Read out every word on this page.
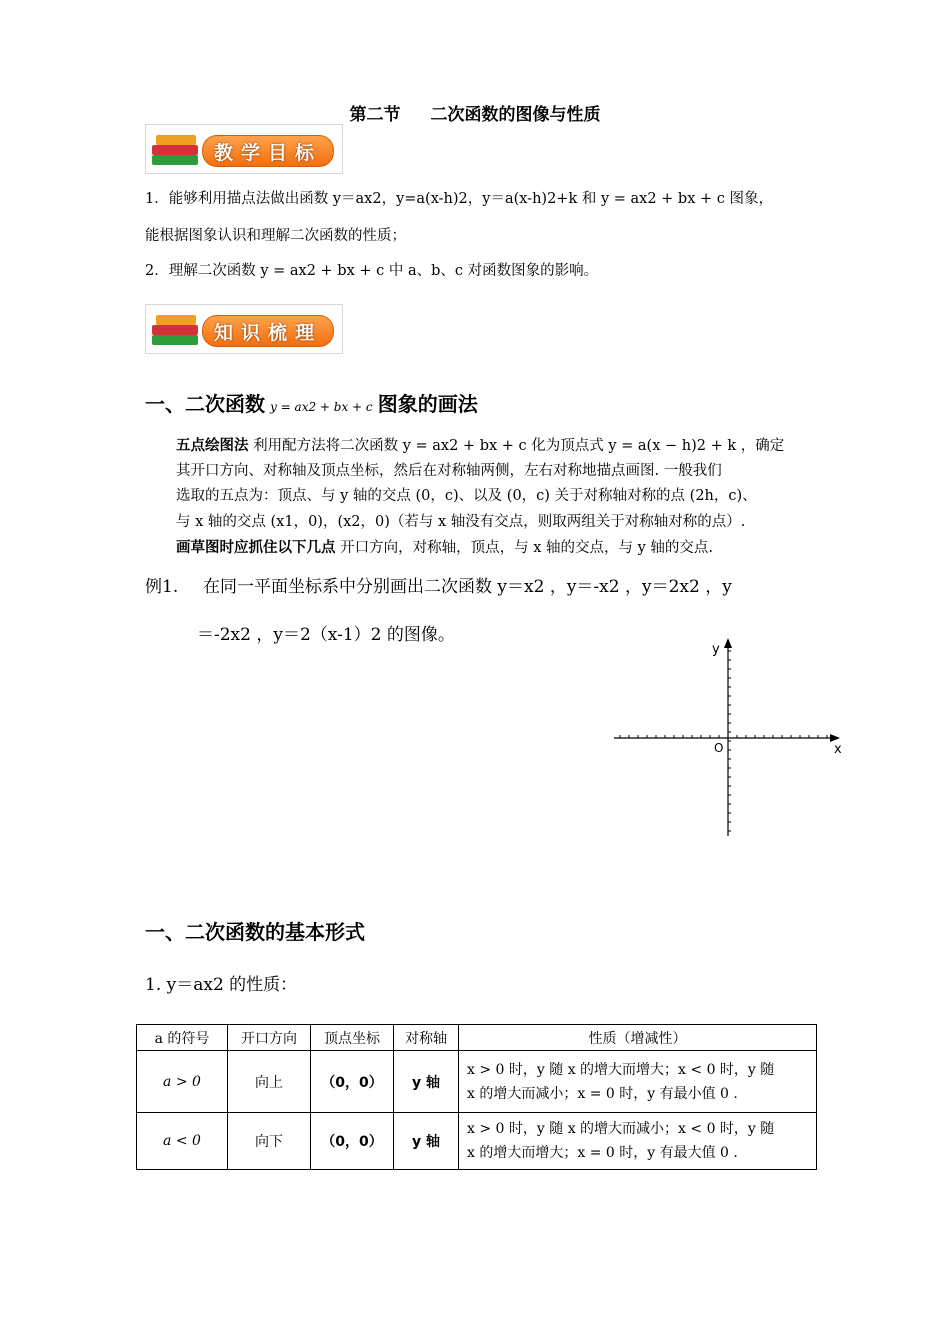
第二节 二次函数的图像与性质
教学目标
1．能够利用描点法做出函数 y＝ax2，y=a(x-h)2，y＝a(x-h)2+k 和 y = ax2 + bx + c 图象，
能根据图象认识和理解二次函数的性质；
2．理解二次函数 y = ax2 + bx + c 中 a、b、c 对函数图象的影响。
知识梳理
一、二次函数 y = ax2 + bx + c 图象的画法
五点绘图法 利用配方法将二次函数 y = ax2 + bx + c 化为顶点式 y = a(x − h)2 + k ，确定
其开口方向、对称轴及顶点坐标，然后在对称轴两侧，左右对称地描点画图. 一般我们
选取的五点为：顶点、与 y 轴的交点 (0，c)、以及 (0，c) 关于对称轴对称的点 (2h，c)、
与 x 轴的交点 (x1，0)，(x2，0)（若与 x 轴没有交点，则取两组关于对称轴对称的点）.
画草图时应抓住以下几点 开口方向，对称轴，顶点，与 x 轴的交点，与 y 轴的交点.
例1. 在同一平面坐标系中分别画出二次函数 y＝x2 ，y＝-x2 ，y＝2x2 ，y
＝-2x2 ，y＝2（x-1）2 的图像。
x
y
O
一、二次函数的基本形式
1. y＝ax2 的性质：
a 的符号	开口方向	顶点坐标	对称轴	性质（增减性）
a > 0	向上	（0，0）	y 轴	x > 0 时，y 随 x 的增大而增大；x < 0 时，y 随
x 的增大而减小；x = 0 时，y 有最小值 0 .

a < 0	向下	（0，0）	y 轴	x > 0 时，y 随 x 的增大而减小；x < 0 时，y 随
x 的增大而增大；x = 0 时，y 有最大值 0 .
